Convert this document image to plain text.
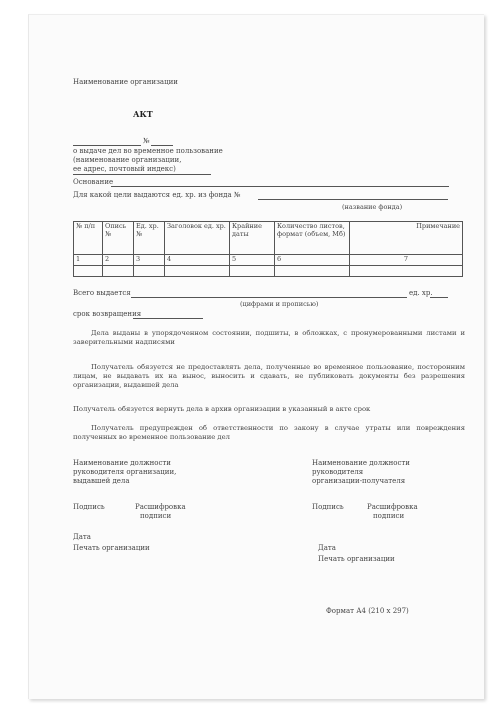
Наименование организации
АКТ
№
о выдаче дел во временное пользование
(наименование организации,
ее адрес, почтовый индекс)
Основание
Для какой цели выдаются ед. хр. из фонда №
(название фонда)
№ п/п	Опись №	Ед. хр. №	Заголовок ед. хр.	Крайние даты	Количество листов, формат (объем, Мб)	Примечание
1	2	3	4	5	6	7

Всего выдается	ед. хр.
(цифрами и прописью)
срок возвращения
Дела выданы в упорядоченном состоянии, подшиты, в обложках, с пронумерованными листами и заверительными надписями
Получатель обязуется не предоставлять дела, полученные во временное пользование, посторонним лицам, не выдавать их на вынос, выносить и сдавать, не публиковать документы без разрешения организации, выдавшей дела
Получатель обязуется вернуть дела в архив организации в указанный в акте срок
Получатель предупрежден об ответственности по закону в случае утраты или повреждения полученных во временное пользование дел
Наименование должности
руководителя организации,
выдавшей дела
Наименование должности
руководителя
организации-получателя
Подпись	Расшифровка
подписи
Подпись	Расшифровка
подписи
Дата
Печать организации	Дата
Печать организации
Формат А4 (210 х 297)
